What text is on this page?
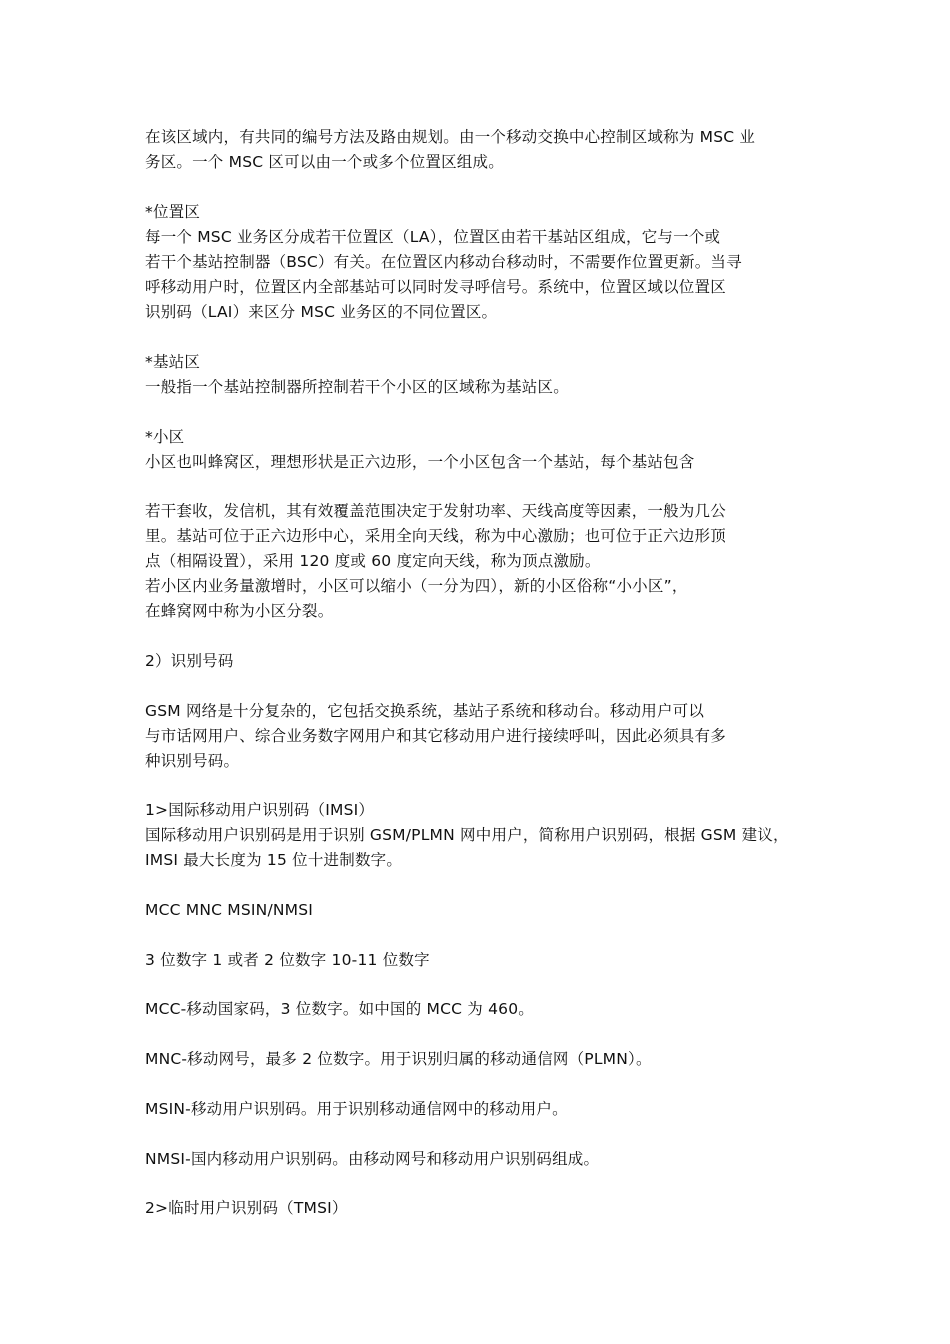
在该区域内，有共同的编号方法及路由规划。由一个移动交换中心控制区域称为 MSC 业
务区。一个 MSC 区可以由一个或多个位置区组成。
*位置区
每一个 MSC 业务区分成若干位置区（LA），位置区由若干基站区组成，它与一个或
若干个基站控制器（BSC）有关。在位置区内移动台移动时，不需要作位置更新。当寻
呼移动用户时，位置区内全部基站可以同时发寻呼信号。系统中，位置区域以位置区
识别码（LAI）来区分 MSC 业务区的不同位置区。
*基站区
一般指一个基站控制器所控制若干个小区的区域称为基站区。
*小区
小区也叫蜂窝区，理想形状是正六边形，一个小区包含一个基站，每个基站包含
若干套收，发信机，其有效覆盖范围决定于发射功率、天线高度等因素，一般为几公
里。基站可位于正六边形中心，采用全向天线，称为中心激励；也可位于正六边形顶
点（相隔设置），采用 120 度或 60 度定向天线，称为顶点激励。
若小区内业务量激增时，小区可以缩小（一分为四），新的小区俗称“小小区”，
在蜂窝网中称为小区分裂。
2）识别号码
GSM 网络是十分复杂的，它包括交换系统，基站子系统和移动台。移动用户可以
与市话网用户、综合业务数字网用户和其它移动用户进行接续呼叫，因此必须具有多
种识别号码。
1>国际移动用户识别码（IMSI）
国际移动用户识别码是用于识别 GSM/PLMN 网中用户，简称用户识别码，根据 GSM 建议，
IMSI 最大长度为 15 位十进制数字。
MCC MNC MSIN/NMSI
3 位数字 1 或者 2 位数字 10-11 位数字
MCC-移动国家码，3 位数字。如中国的 MCC 为 460。
MNC-移动网号，最多 2 位数字。用于识别归属的移动通信网（PLMN）。
MSIN-移动用户识别码。用于识别移动通信网中的移动用户。
NMSI-国内移动用户识别码。由移动网号和移动用户识别码组成。
2>临时用户识别码（TMSI）
